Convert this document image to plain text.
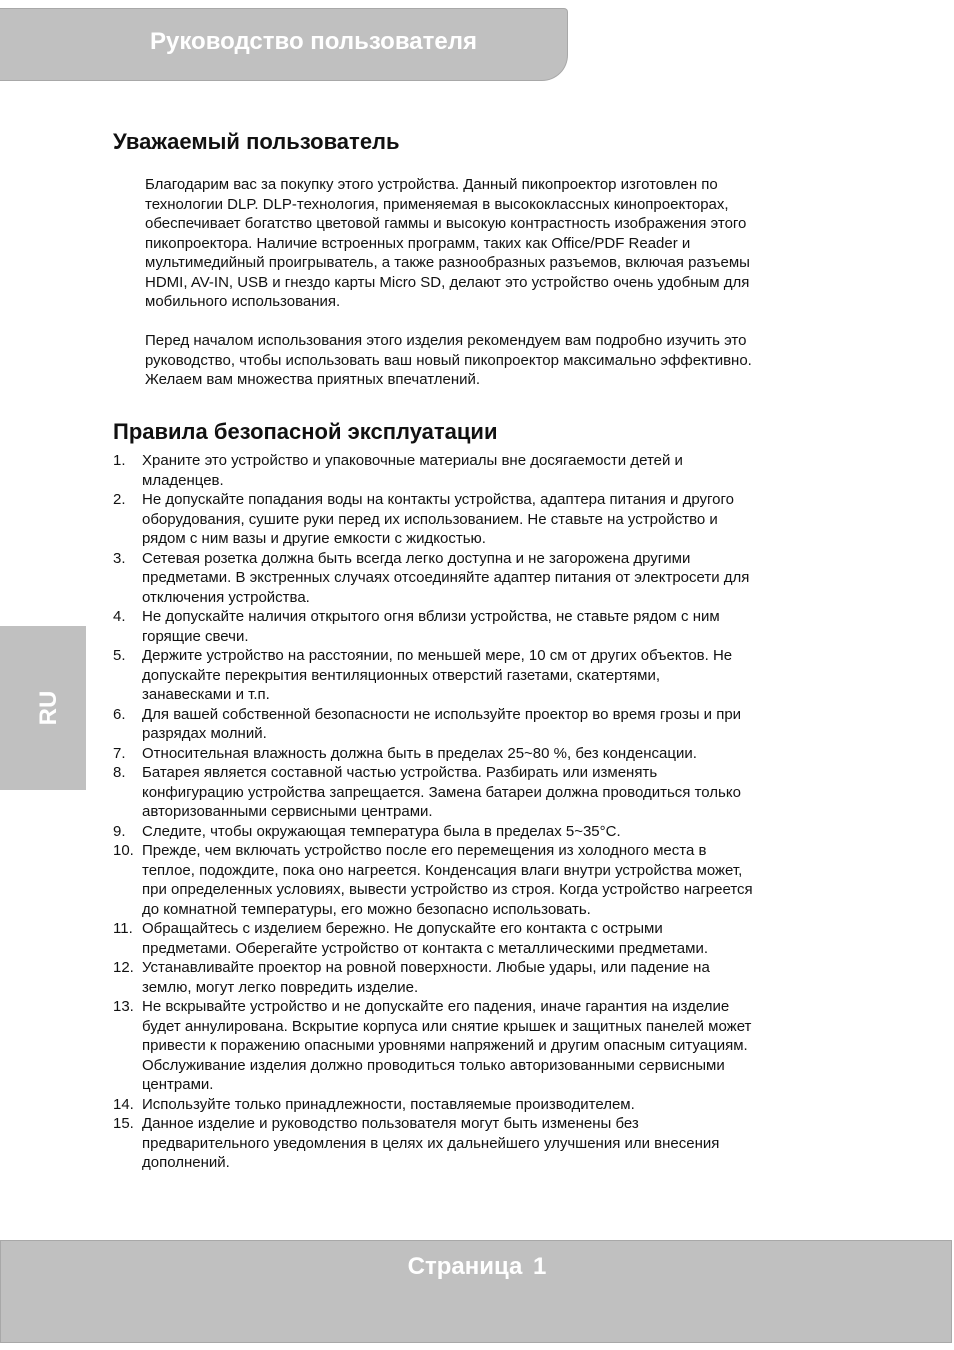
Руководство пользователя
RU
Уважаемый пользователь

Благодарим вас за покупку этого устройства. Данный пикопроектор изготовлен по
технологии DLP. DLP-технология, применяемая в высококлассных кинопроекторах,
обеспечивает богатство цветовой гаммы и высокую контрастность изображения этого
пикопроектора. Наличие встроенных программ, таких как Office/PDF Reader и
мультимедийный проигрыватель, а также разнообразных разъемов, включая разъемы
HDMI, AV-IN, USB и гнездо карты Micro SD, делают это устройство очень удобным для
мобильного использования.

Перед началом использования этого изделия рекомендуем вам подробно изучить это
руководство, чтобы использовать ваш новый пикопроектор максимально эффективно.
Желаем вам множества приятных впечатлений.

Правила безопасной эксплуатации
1.	Храните это устройство и упаковочные материалы вне досягаемости детей и
младенцев.
2.	Не допускайте попадания воды на контакты устройства, адаптера питания и другого
оборудования, сушите руки перед их использованием. Не ставьте на устройство и
рядом с ним вазы и другие емкости с жидкостью.
3.	Сетевая розетка должна быть всегда легко доступна и не загорожена другими
предметами. В экстренных случаях отсоединяйте адаптер питания от электросети для
отключения устройства.
4.	Не допускайте наличия открытого огня вблизи устройства, не ставьте рядом с ним
горящие свечи.
5.	Держите устройство на расстоянии, по меньшей мере, 10 см от других объектов. Не
допускайте перекрытия вентиляционных отверстий газетами, скатертями,
занавесками и т.п.
6.	Для вашей собственной безопасности не используйте проектор во время грозы и при
разрядах молний.
7.	Относительная влажность должна быть в пределах 25~80 %, без конденсации.
8.	Батарея является составной частью устройства. Разбирать или изменять
конфигурацию устройства запрещается. Замена батареи должна проводиться только
авторизованными сервисными центрами.
9.	Следите, чтобы окружающая температура была в пределах 5~35°C.
10. Прежде, чем включать устройство после его перемещения из холодного места в
теплое, подождите, пока оно нагреется. Конденсация влаги внутри устройства может,
при определенных условиях, вывести устройство из строя. Когда устройство нагреется
до комнатной температуры, его можно безопасно использовать.
11. Обращайтесь с изделием бережно. Не допускайте его контакта с острыми
предметами. Оберегайте устройство от контакта с металлическими предметами.
12. Устанавливайте проектор на ровной поверхности. Любые удары, или падение на
землю, могут легко повредить изделие.
13. Не вскрывайте устройство и не допускайте его падения, иначе гарантия на изделие
будет аннулирована. Вскрытие корпуса или снятие крышек и защитных панелей может
привести к поражению опасными уровнями напряжений и другим опасным ситуациям.
Обслуживание изделия должно проводиться только авторизованными сервисными
центрами.
14. Используйте только принадлежности, поставляемые производителем.
15. Данное изделие и руководство пользователя могут быть изменены без
предварительного уведомления в целях их дальнейшего улучшения или внесения
дополнений.
Страница 1
